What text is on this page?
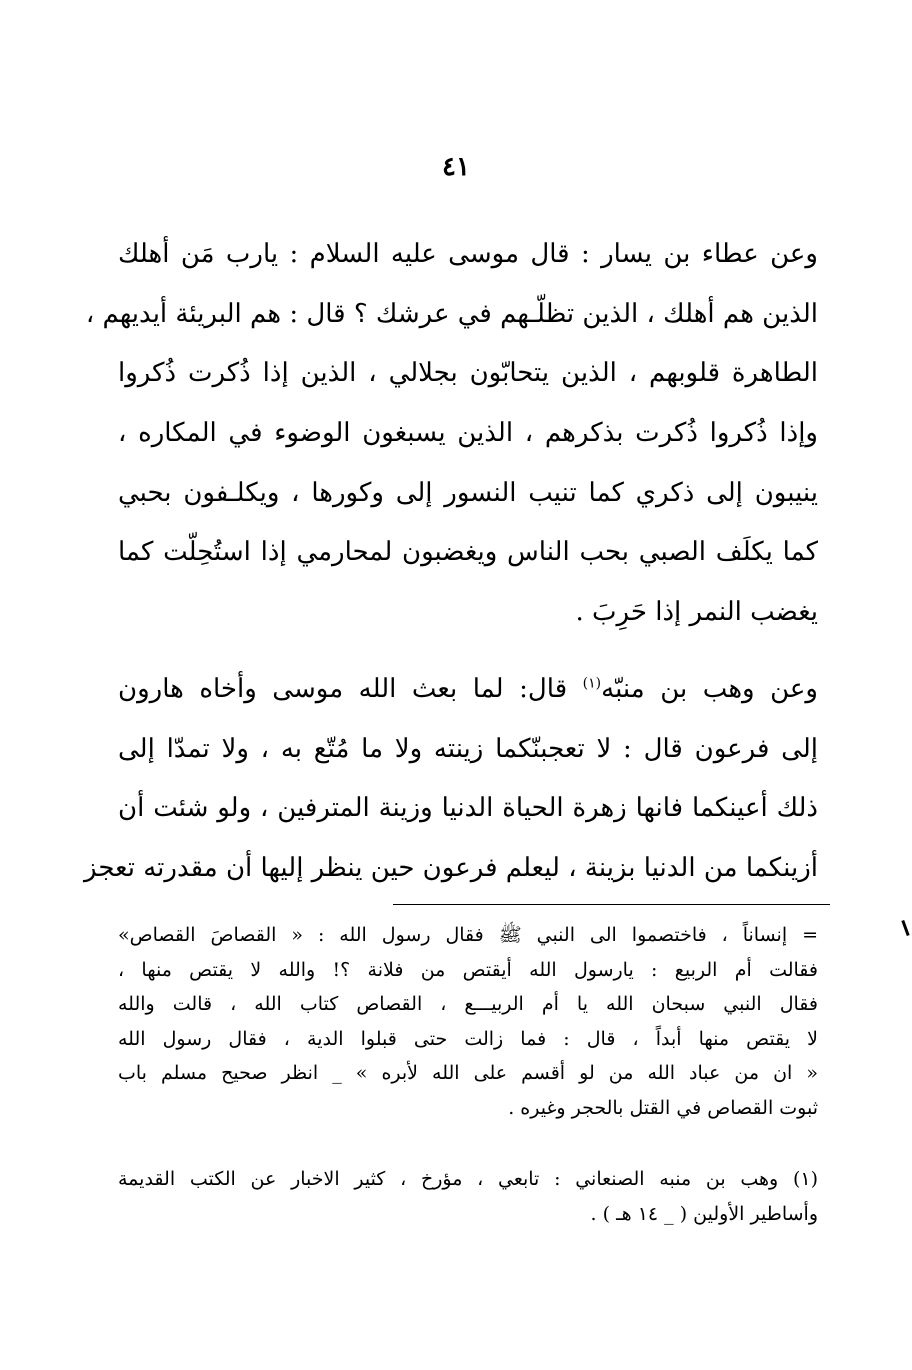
٤١
وعن عطاء بن يسار : قال موسى عليه السلام : يارب مَن أهلك
الذين هم أهلك ، الذين تظلّـهم في عرشك ؟ قال : هم البريئة أيديهم ،
الطاهرة قلوبهم ، الذين يتحابّون بجلالي ، الذين إذا ذُكرت ذُكروا
وإذا ذُكروا ذُكرت بذكرهم ، الذين يسبغون الوضوء في المكاره ،
ينيبون إلى ذكري كما تنيب النسور إلى وكورها ، ويكلـفون بحبي
كما يكلَف الصبي بحب الناس ويغضبون لمحارمي إذا استُحِلّت كما
يغضب النمر إذا حَرِبَ .
وعن وهب بن منبّه$^{(١)}$ قال: لما بعث الله موسى وأخاه هارون
إلى فرعون قال : لا تعجبنّكما زينته ولا ما مُتّع به ، ولا تمدّا إلى
ذلك أعينكما فانها زهرة الحياة الدنيا وزينة المترفين ، ولو شئت أن
أزينكما من الدنيا بزينة ، ليعلم فرعون حين ينظر إليها أن مقدرته تعجز
= إنساناً ، فاختصموا الى النبي ﷺ فقال رسول الله : « القصاصَ القصاص»
فقالت أم الربيع : يارسول الله أيقتص من فلانة ؟! والله لا يقتص منها ،
فقال النبي سبحان الله يا أم الربيـــع ، القصاص كتاب الله ، قالت والله
لا يقتص منها أبداً ، قال : فما زالت حتى قبلوا الدية ، فقال رسول الله
« ان من عباد الله من لو أقسم على الله لأبره » _ انظر صحيح مسلم باب
ثبوت القصاص في القتل بالحجر وغيره .
(١) وهب بن منبه الصنعاني : تابعي ، مؤرخ ، كثير الاخبار عن الكتب القديمة
وأساطير الأولين ( _ ١٤ هـ ) .
